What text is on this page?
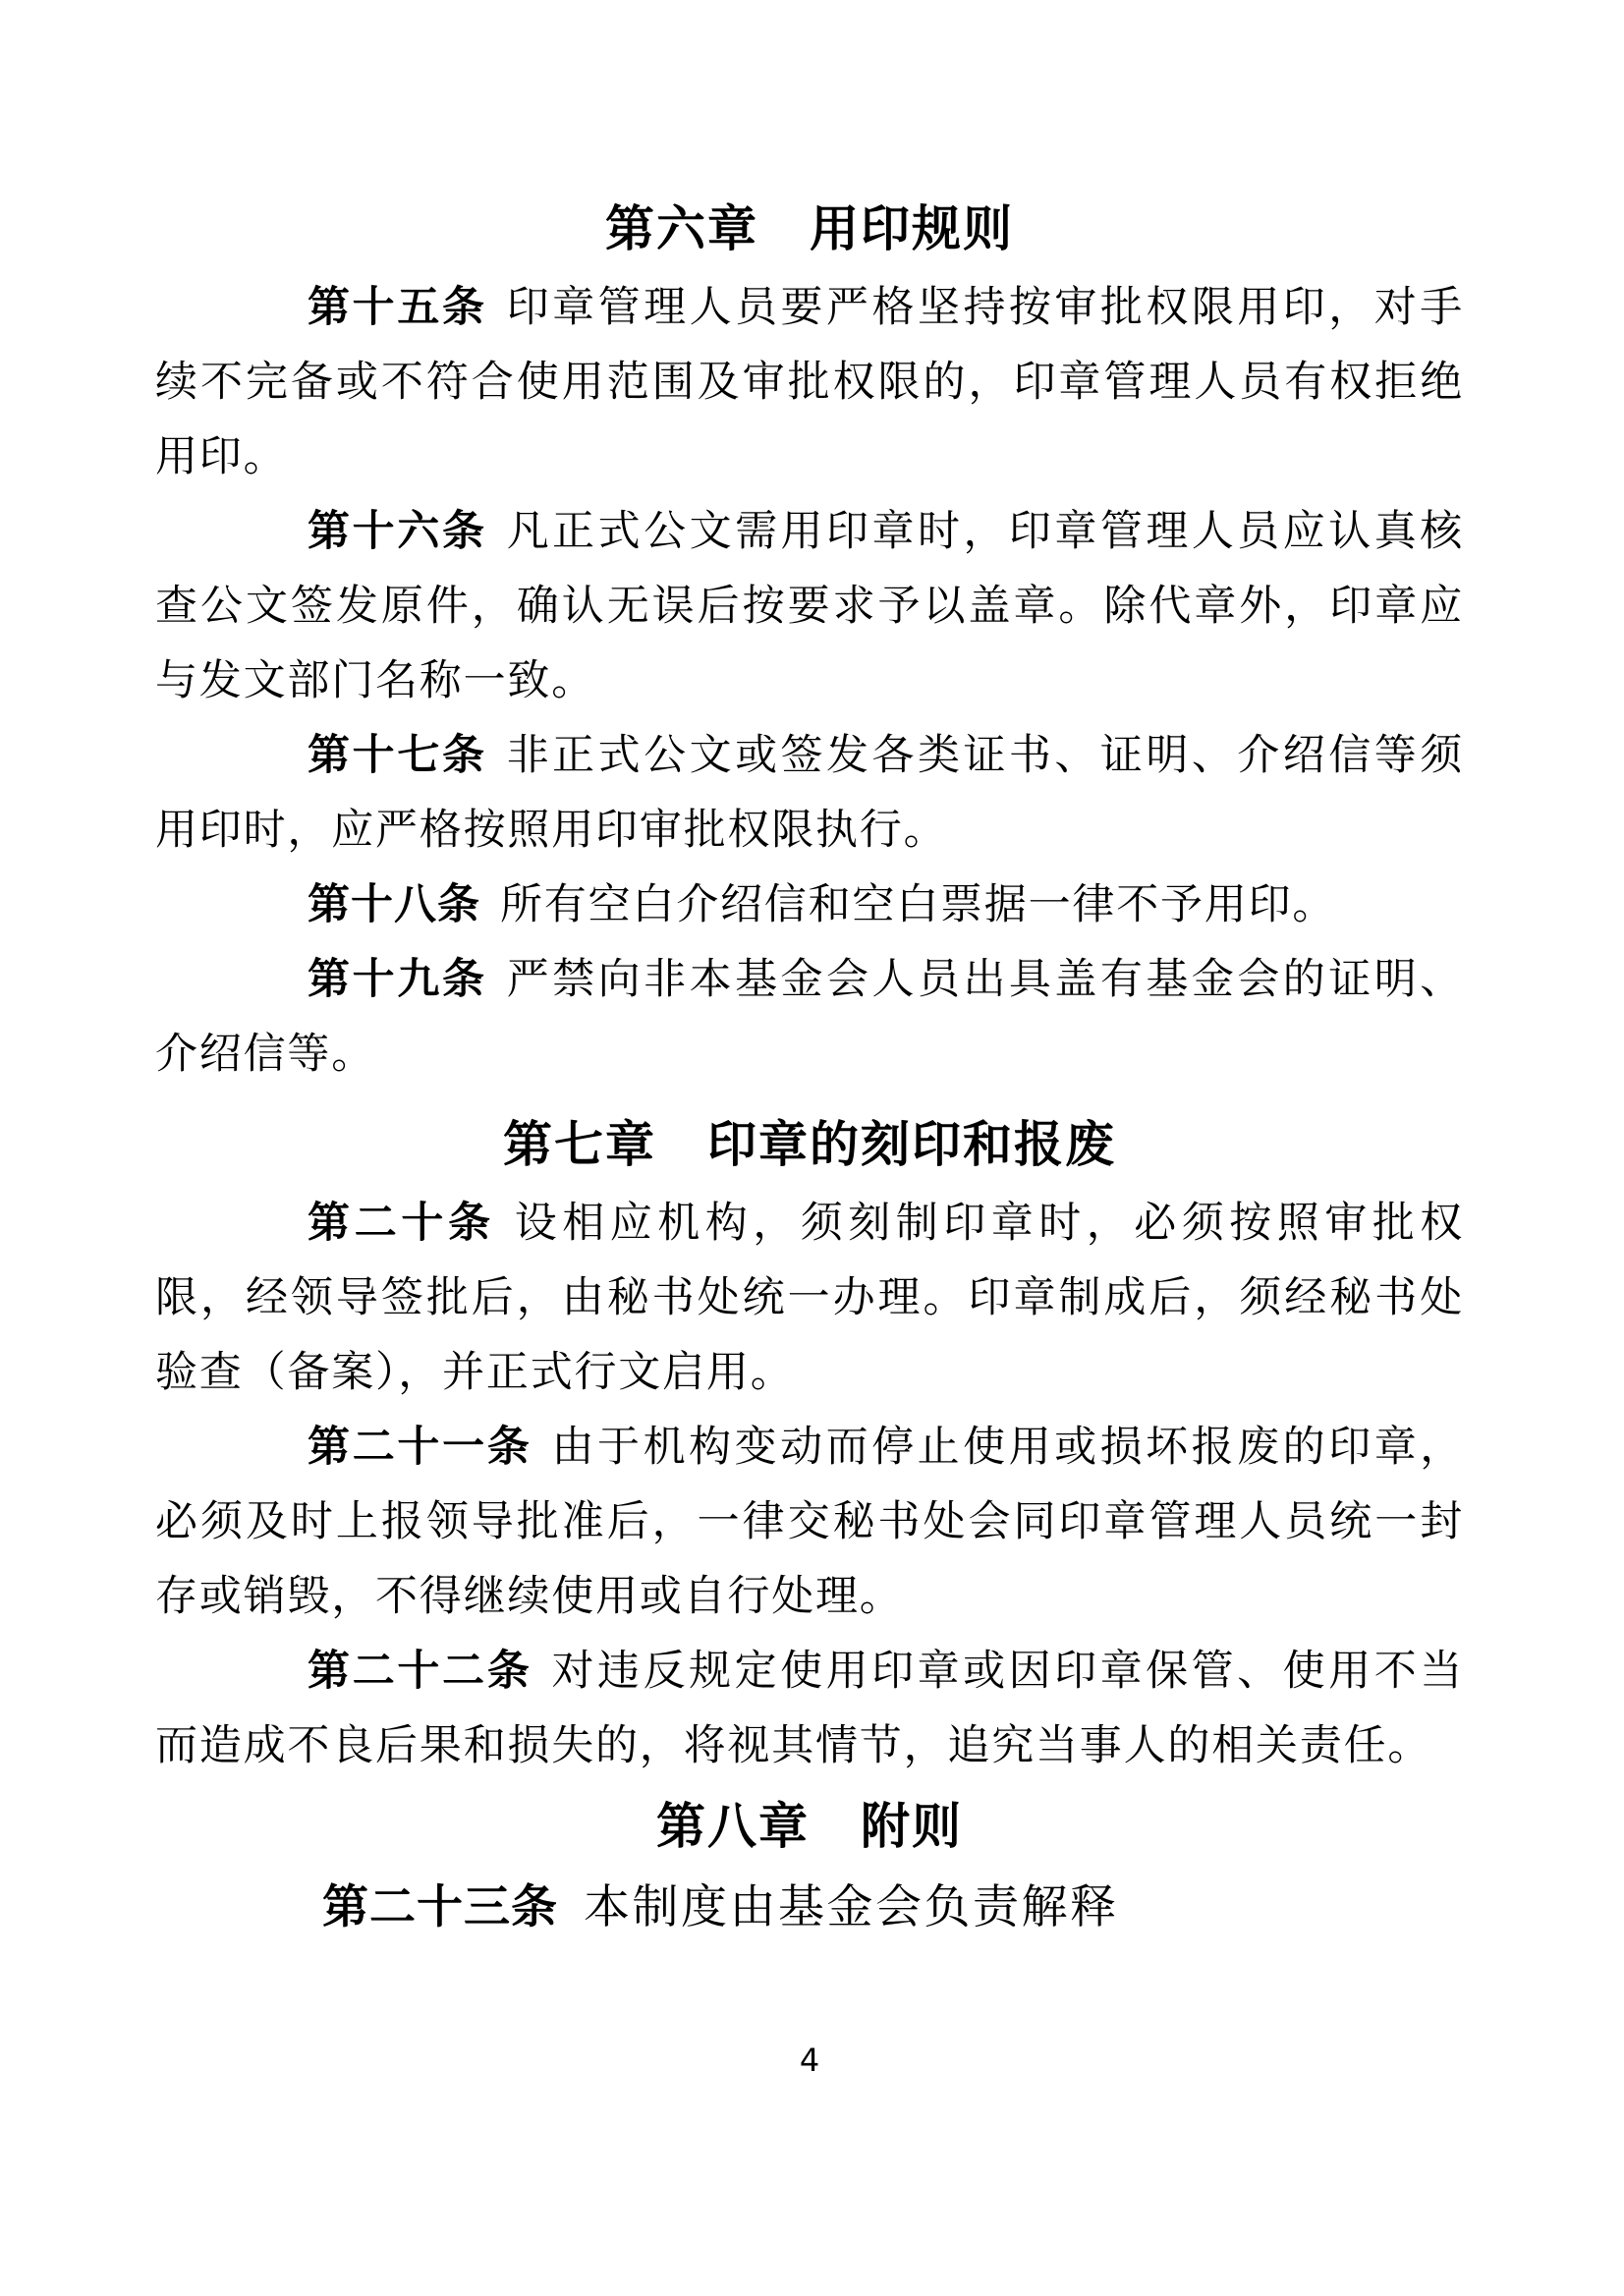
第六章　用印规则

第十五条 印章管理人员要严格坚持按审批权限用印，对手续不完备或不符合使用范围及审批权限的，印章管理人员有权拒绝用印。

第十六条 凡正式公文需用印章时，印章管理人员应认真核查公文签发原件，确认无误后按要求予以盖章。除代章外，印章应与发文部门名称一致。

第十七条 非正式公文或签发各类证书、证明、介绍信等须用印时，应严格按照用印审批权限执行。

第十八条 所有空白介绍信和空白票据一律不予用印。

第十九条 严禁向非本基金会人员出具盖有基金会的证明、介绍信等。

第七章　印章的刻印和报废

第二十条 设相应机构，须刻制印章时，必须按照审批权限，经领导签批后，由秘书处统一办理。印章制成后，须经秘书处验查（备案），并正式行文启用。

第二十一条 由于机构变动而停止使用或损坏报废的印章，必须及时上报领导批准后，一律交秘书处会同印章管理人员统一封存或销毁，不得继续使用或自行处理。

第二十二条 对违反规定使用印章或因印章保管、使用不当而造成不良后果和损失的，将视其情节，追究当事人的相关责任。

第八章　附则

第二十三条 本制度由基金会负责解释

4
